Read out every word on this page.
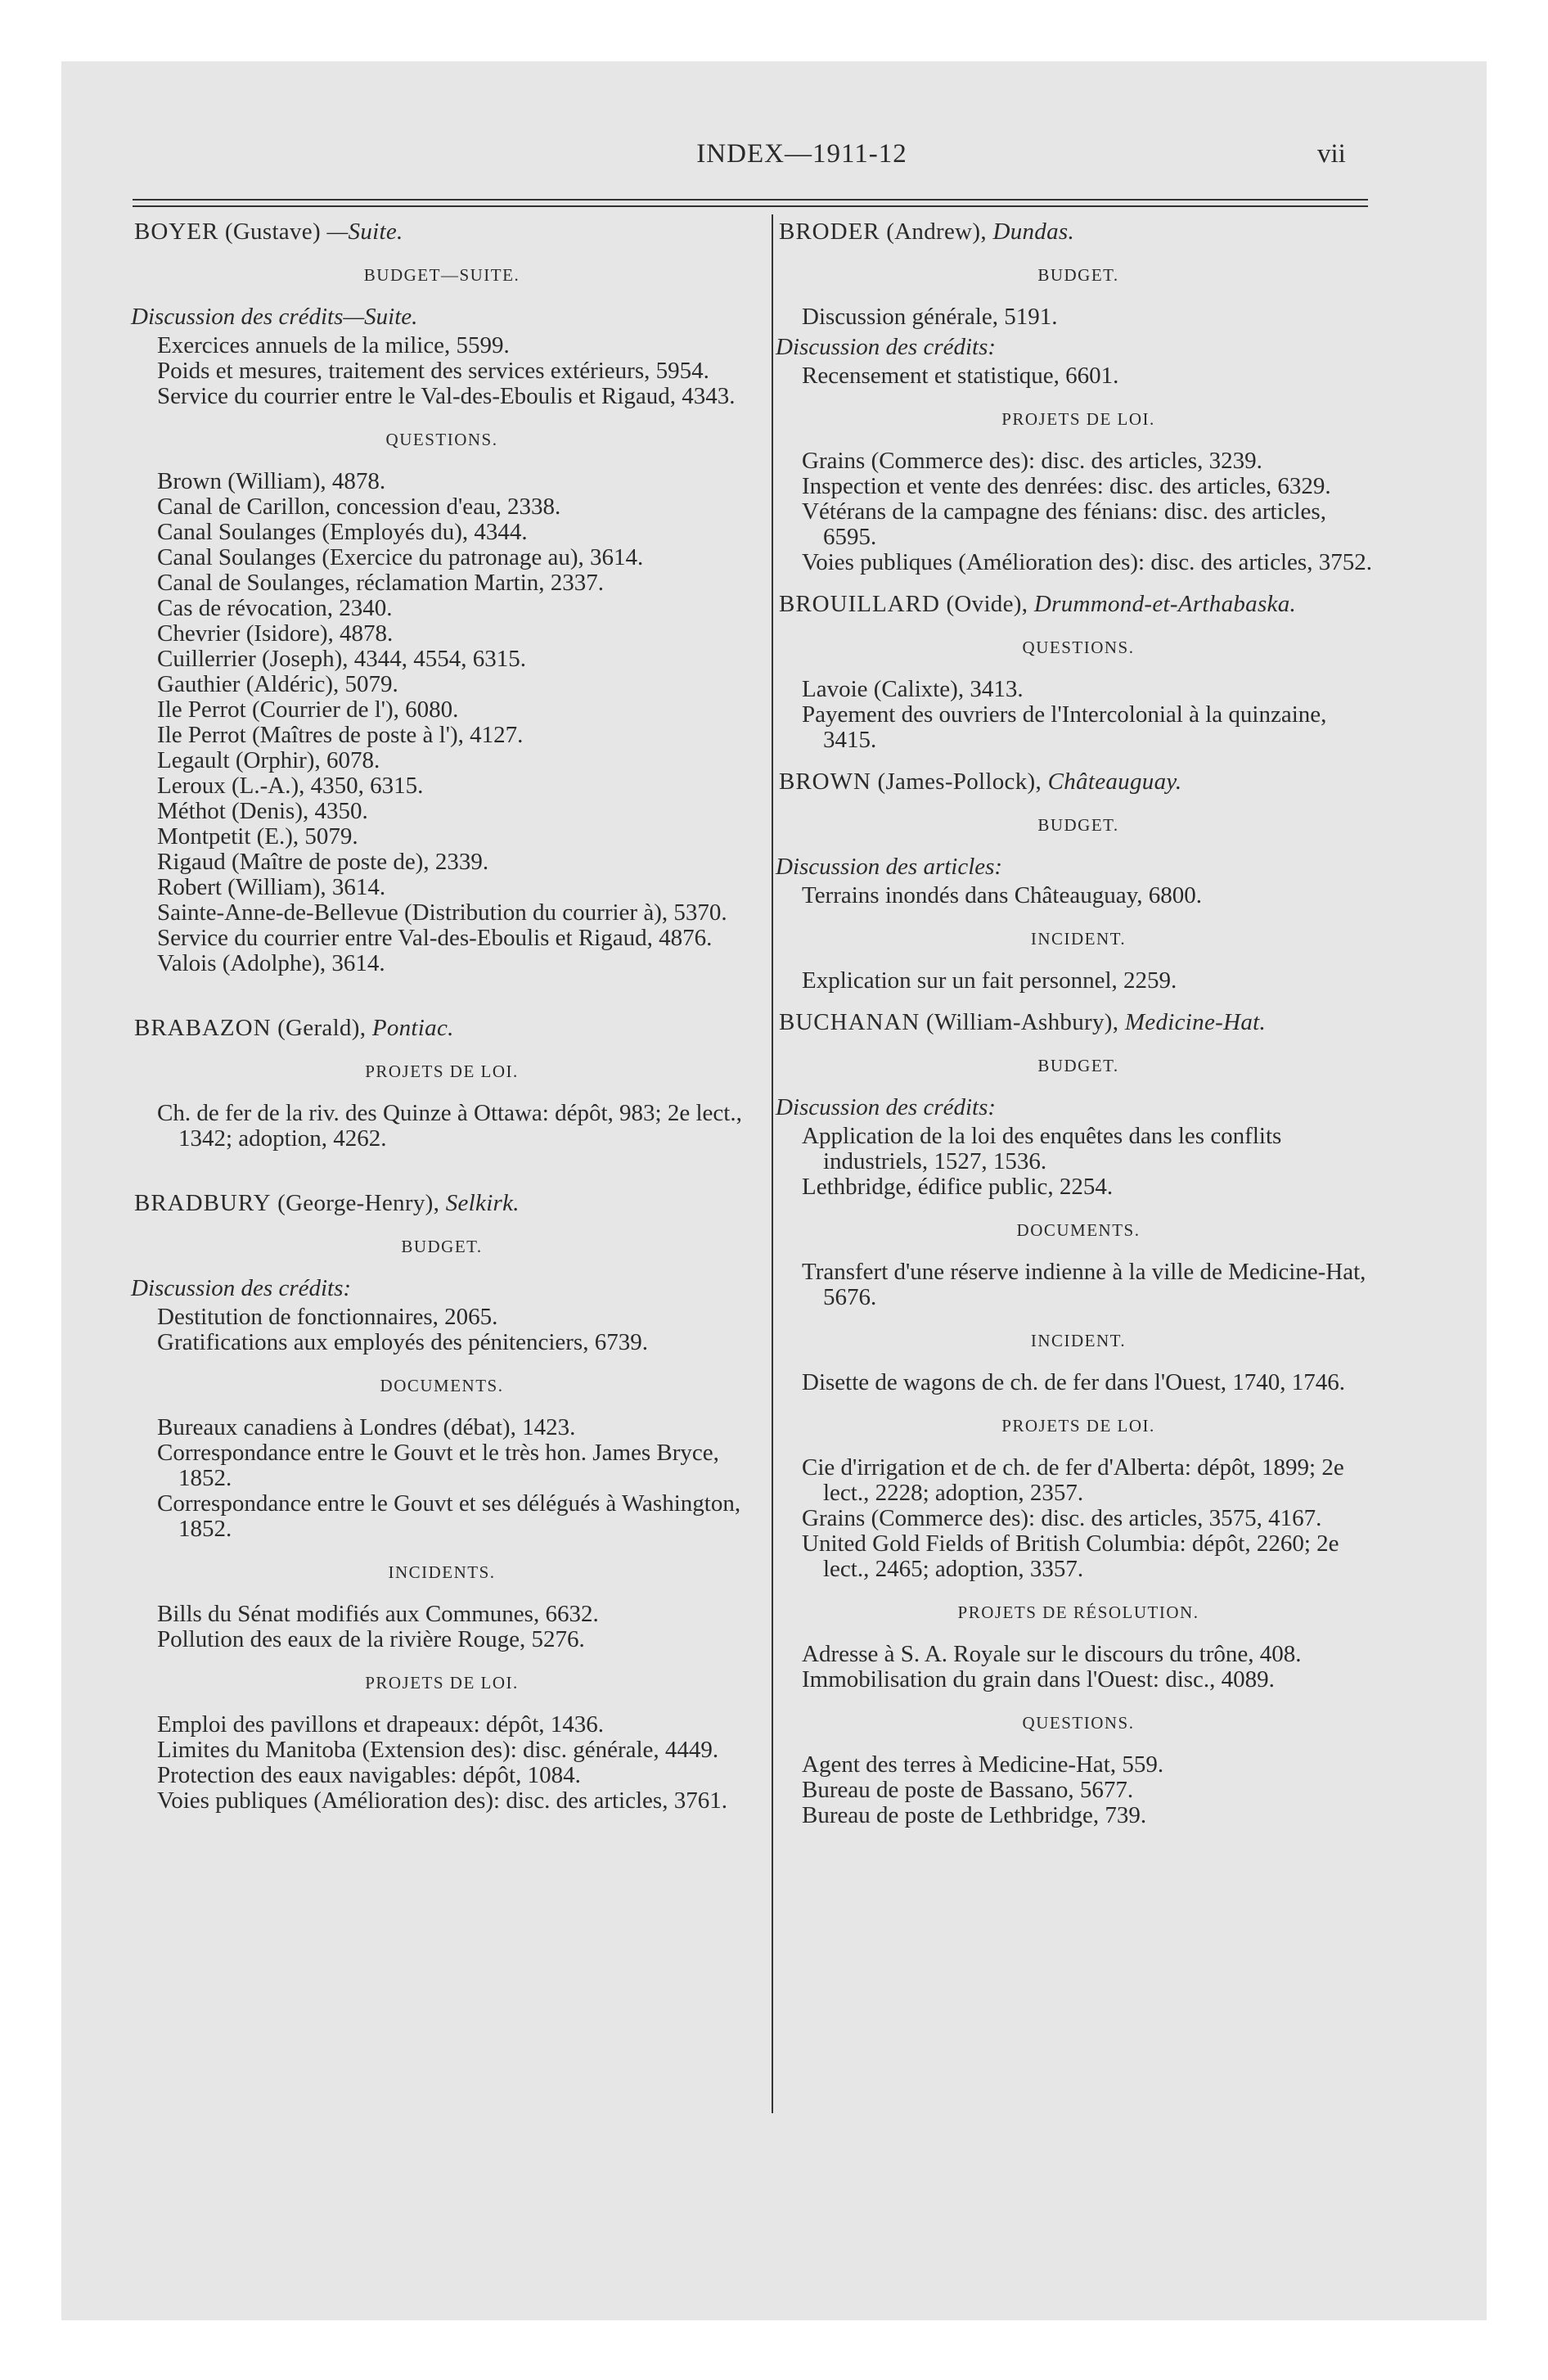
INDEX—1911-12	vii
BOYER (Gustave) —Suite.
BUDGET—SUITE.
Discussion des crédits—Suite.
Exercices annuels de la milice, 5599.
Poids et mesures, traitement des services extérieurs, 5954.
Service du courrier entre le Val-des-Eboulis et Rigaud, 4343.
QUESTIONS.
Brown (William), 4878.
Canal de Carillon, concession d'eau, 2338.
Canal Soulanges (Employés du), 4344.
Canal Soulanges (Exercice du patronage au), 3614.
Canal de Soulanges, réclamation Martin, 2337.
Cas de révocation, 2340.
Chevrier (Isidore), 4878.
Cuillerrier (Joseph), 4344, 4554, 6315.
Gauthier (Aldéric), 5079.
Ile Perrot (Courrier de l'), 6080.
Ile Perrot (Maîtres de poste à l'), 4127.
Legault (Orphir), 6078.
Leroux (L.-A.), 4350, 6315.
Méthot (Denis), 4350.
Montpetit (E.), 5079.
Rigaud (Maître de poste de), 2339.
Robert (William), 3614.
Sainte-Anne-de-Bellevue (Distribution du courrier à), 5370.
Service du courrier entre Val-des-Eboulis et Rigaud, 4876.
Valois (Adolphe), 3614.
BRABAZON (Gerald), Pontiac.
PROJETS DE LOI.
Ch. de fer de la riv. des Quinze à Ottawa: dépôt, 983; 2e lect., 1342; adoption, 4262.
BRADBURY (George-Henry), Selkirk.
BUDGET.
Discussion des crédits:
Destitution de fonctionnaires, 2065.
Gratifications aux employés des pénitenciers, 6739.
DOCUMENTS.
Bureaux canadiens à Londres (débat), 1423.
Correspondance entre le Gouvt et le très hon. James Bryce, 1852.
Correspondance entre le Gouvt et ses délégués à Washington, 1852.
INCIDENTS.
Bills du Sénat modifiés aux Communes, 6632.
Pollution des eaux de la rivière Rouge, 5276.
PROJETS DE LOI.
Emploi des pavillons et drapeaux: dépôt, 1436.
Limites du Manitoba (Extension des): disc. générale, 4449.
Protection des eaux navigables: dépôt, 1084.
Voies publiques (Amélioration des): disc. des articles, 3761.
BRODER (Andrew), Dundas.
BUDGET.
Discussion générale, 5191.
Discussion des crédits:
Recensement et statistique, 6601.
PROJETS DE LOI.
Grains (Commerce des): disc. des articles, 3239.
Inspection et vente des denrées: disc. des articles, 6329.
Vétérans de la campagne des fénians: disc. des articles, 6595.
Voies publiques (Amélioration des): disc. des articles, 3752.
BROUILLARD (Ovide), Drummond-et-Arthabaska.
QUESTIONS.
Lavoie (Calixte), 3413.
Payement des ouvriers de l'Intercolonial à la quinzaine, 3415.
BROWN (James-Pollock), Châteauguay.
BUDGET.
Discussion des articles:
Terrains inondés dans Châteauguay, 6800.
INCIDENT.
Explication sur un fait personnel, 2259.
BUCHANAN (William-Ashbury), Medicine-Hat.
BUDGET.
Discussion des crédits:
Application de la loi des enquêtes dans les conflits industriels, 1527, 1536.
Lethbridge, édifice public, 2254.
DOCUMENTS.
Transfert d'une réserve indienne à la ville de Medicine-Hat, 5676.
INCIDENT.
Disette de wagons de ch. de fer dans l'Ouest, 1740, 1746.
PROJETS DE LOI.
Cie d'irrigation et de ch. de fer d'Alberta: dépôt, 1899; 2e lect., 2228; adoption, 2357.
Grains (Commerce des): disc. des articles, 3575, 4167.
United Gold Fields of British Columbia: dépôt, 2260; 2e lect., 2465; adoption, 3357.
PROJETS DE RÉSOLUTION.
Adresse à S. A. Royale sur le discours du trône, 408.
Immobilisation du grain dans l'Ouest: disc., 4089.
QUESTIONS.
Agent des terres à Medicine-Hat, 559.
Bureau de poste de Bassano, 5677.
Bureau de poste de Lethbridge, 739.
